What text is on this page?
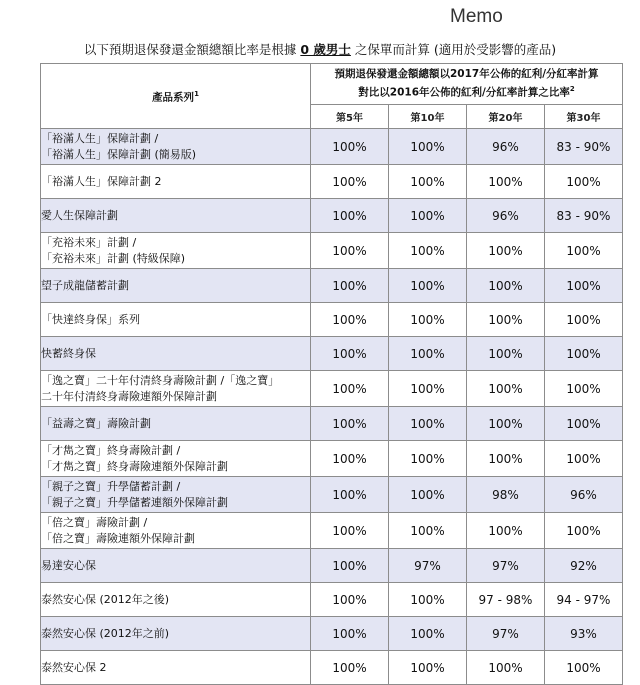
Memo
以下預期退保發還金額總額比率是根據 0 歲男士 之保單而計算 (適用於受影響的產品)
產品系列$^1$	預期退保發還金額總額以2017年公佈的紅利/分紅率計算
對比以2016年公佈的紅利/分紅率計算之比率$^2$

	第5年	第10年	第20年	第30年

「裕滿人生」保障計劃 /
「裕滿人生」保障計劃 (簡易版)	100%	100%	96%	83 - 90%

「裕滿人生」保障計劃 2	100%	100%	100%	100%

愛人生保障計劃	100%	100%	96%	83 - 90%

「充裕未來」計劃 /
「充裕未來」計劃 (特級保障)	100%	100%	100%	100%

望子成龍儲蓄計劃	100%	100%	100%	100%

「快達終身保」系列	100%	100%	100%	100%

快蓄終身保	100%	100%	100%	100%

「逸之寶」二十年付清終身壽險計劃 /「逸之寶」
二十年付清終身壽險連額外保障計劃	100%	100%	100%	100%

「益壽之寶」壽險計劃	100%	100%	100%	100%

「才雋之寶」終身壽險計劃 /
「才雋之寶」終身壽險連額外保障計劃	100%	100%	100%	100%

「親子之寶」升學儲蓄計劃 /
「親子之寶」升學儲蓄連額外保障計劃	100%	100%	98%	96%

「倍之寶」壽險計劃 /
「倍之寶」壽險連額外保障計劃	100%	100%	100%	100%

易達安心保	100%	97%	97%	92%

泰然安心保 (2012年之後)	100%	100%	97 - 98%	94 - 97%

泰然安心保 (2012年之前)	100%	100%	97%	93%

泰然安心保 2	100%	100%	100%	100%
